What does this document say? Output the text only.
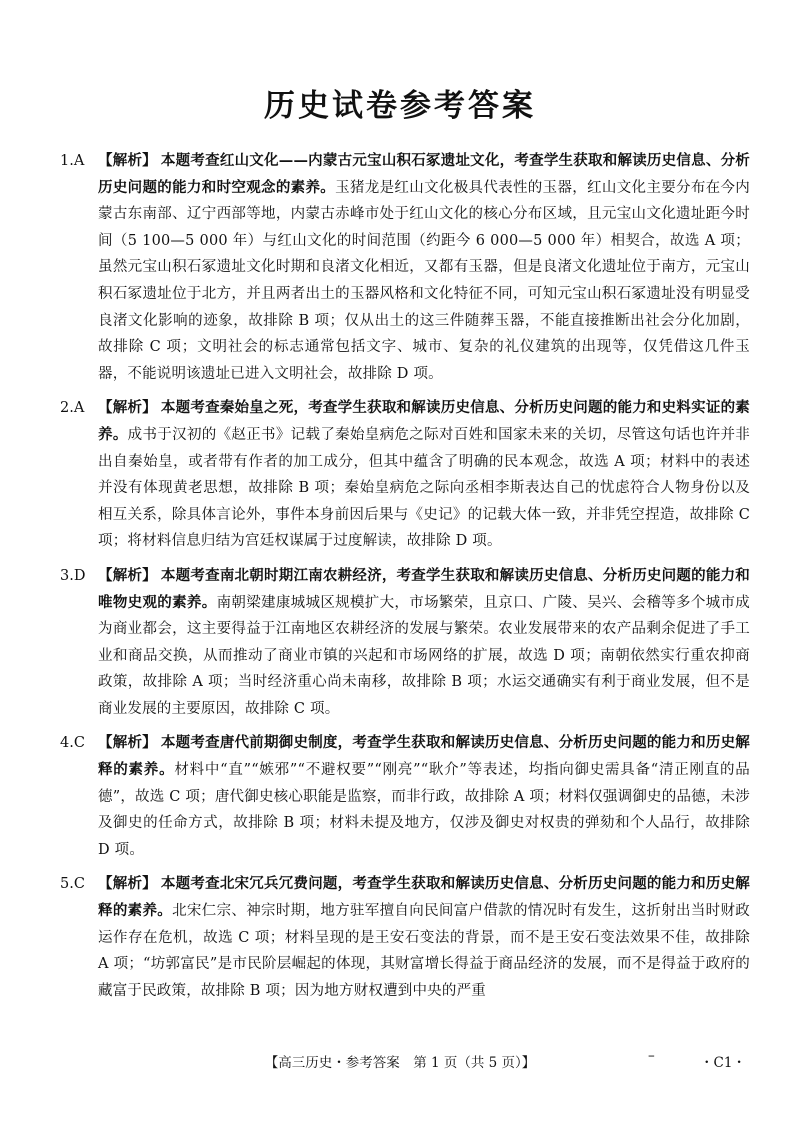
历史试卷参考答案
1.A 【解析】 本题考查红山文化——内蒙古元宝山积石冢遗址文化，考查学生获取和解读历史信息、分析历史问题的能力和时空观念的素养。玉猪龙是红山文化极具代表性的玉器，红山文化主要分布在今内蒙古东南部、辽宁西部等地，内蒙古赤峰市处于红山文化的核心分布区域，且元宝山文化遗址距今时间（5 100—5 000 年）与红山文化的时间范围（约距今 6 000—5 000 年）相契合，故选 A 项；虽然元宝山积石冢遗址文化时期和良渚文化相近，又都有玉器，但是良渚文化遗址位于南方，元宝山积石冢遗址位于北方，并且两者出土的玉器风格和文化特征不同，可知元宝山积石冢遗址没有明显受良渚文化影响的迹象，故排除 B 项；仅从出土的这三件随葬玉器，不能直接推断出社会分化加剧，故排除 C 项；文明社会的标志通常包括文字、城市、复杂的礼仪建筑的出现等，仅凭借这几件玉器，不能说明该遗址已进入文明社会，故排除 D 项。
2.A 【解析】 本题考查秦始皇之死，考查学生获取和解读历史信息、分析历史问题的能力和史料实证的素养。成书于汉初的《赵正书》记载了秦始皇病危之际对百姓和国家未来的关切，尽管这句话也许并非出自秦始皇，或者带有作者的加工成分，但其中蕴含了明确的民本观念，故选 A 项；材料中的表述并没有体现黄老思想，故排除 B 项；秦始皇病危之际向丞相李斯表达自己的忧虑符合人物身份以及相互关系，除具体言论外，事件本身前因后果与《史记》的记载大体一致，并非凭空捏造，故排除 C 项；将材料信息归结为宫廷权谋属于过度解读，故排除 D 项。
3.D 【解析】 本题考查南北朝时期江南农耕经济，考查学生获取和解读历史信息、分析历史问题的能力和唯物史观的素养。南朝梁建康城城区规模扩大，市场繁荣，且京口、广陵、吴兴、会稽等多个城市成为商业都会，这主要得益于江南地区农耕经济的发展与繁荣。农业发展带来的农产品剩余促进了手工业和商品交换，从而推动了商业市镇的兴起和市场网络的扩展，故选 D 项；南朝依然实行重农抑商政策，故排除 A 项；当时经济重心尚未南移，故排除 B 项；水运交通确实有利于商业发展，但不是商业发展的主要原因，故排除 C 项。
4.C 【解析】 本题考查唐代前期御史制度，考查学生获取和解读历史信息、分析历史问题的能力和历史解释的素养。材料中“直”“嫉邪”“不避权要”“刚亮”“耿介”等表述，均指向御史需具备“清正刚直的品德”，故选 C 项；唐代御史核心职能是监察，而非行政，故排除 A 项；材料仅强调御史的品德，未涉及御史的任命方式，故排除 B 项；材料未提及地方，仅涉及御史对权贵的弹劾和个人品行，故排除 D 项。
5.C 【解析】 本题考查北宋冗兵冗费问题，考查学生获取和解读历史信息、分析历史问题的能力和历史解释的素养。北宋仁宗、神宗时期，地方驻军擅自向民间富户借款的情况时有发生，这折射出当时财政运作存在危机，故选 C 项；材料呈现的是王安石变法的背景，而不是王安石变法效果不佳，故排除 A 项；“坊郭富民”是市民阶层崛起的体现，其财富增长得益于商品经济的发展，而不是得益于政府的藏富于民政策，故排除 B 项；因为地方财权遭到中央的严重
【高三历史・参考答案　第 1 页（共 5 页）】	–	・C1・
